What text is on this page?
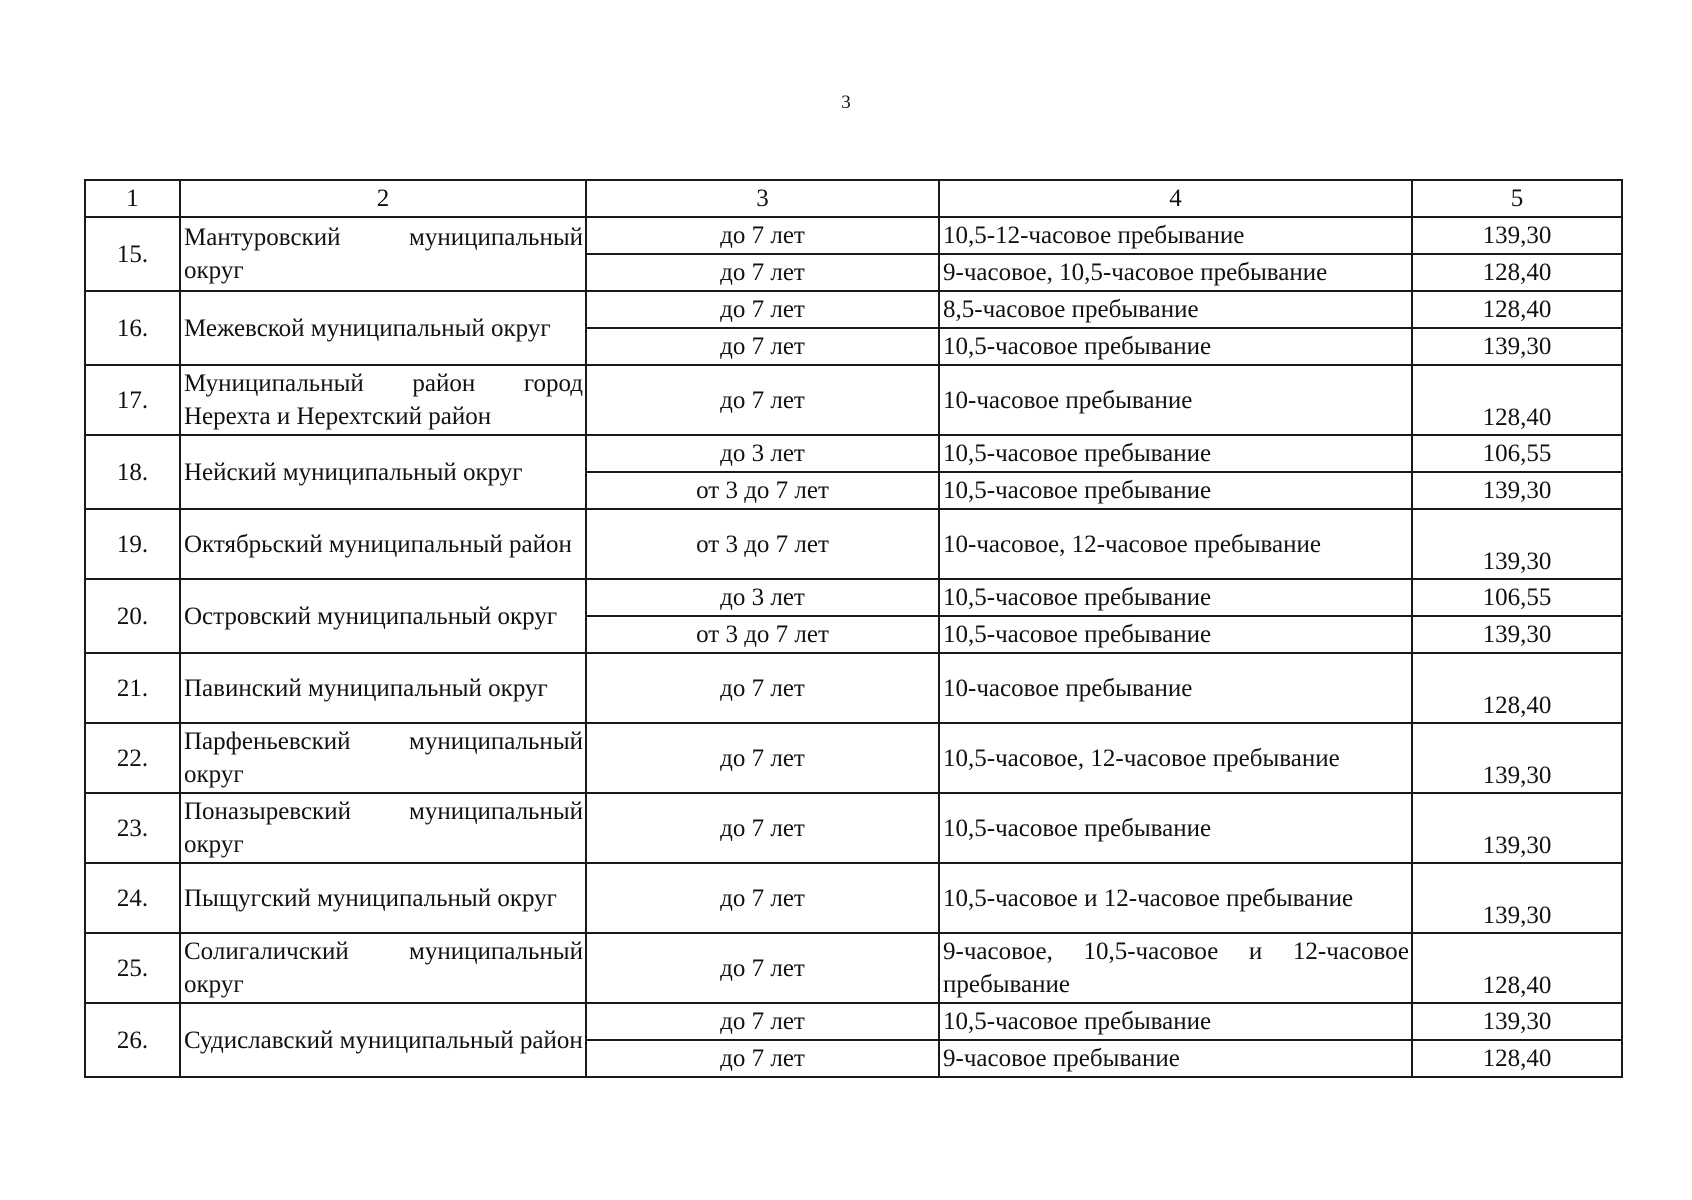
3
1	2	3	4	5
15.	Мантуровский муниципальный округ	до 7 лет	10,5-12-часовое пребывание	139,30
		до 7 лет	9-часовое, 10,5-часовое пребывание	128,40
16.	Межевской муниципальный округ	до 7 лет	8,5-часовое пребывание	128,40
		до 7 лет	10,5-часовое пребывание	139,30
17.	Муниципальный район город Нерехта и Нерехтский район	до 7 лет	10-часовое пребывание	128,40
18.	Нейский муниципальный округ	до 3 лет	10,5-часовое пребывание	106,55
		от 3 до 7 лет	10,5-часовое пребывание	139,30
19.	Октябрьский муниципальный район	от 3 до 7 лет	10-часовое, 12-часовое пребывание	139,30
20.	Островский муниципальный округ	до 3 лет	10,5-часовое пребывание	106,55
		от 3 до 7 лет	10,5-часовое пребывание	139,30
21.	Павинский муниципальный округ	до 7 лет	10-часовое пребывание	128,40
22.	Парфеньевский муниципальный округ	до 7 лет	10,5-часовое, 12-часовое пребывание	139,30
23.	Поназыревский муниципальный округ	до 7 лет	10,5-часовое пребывание	139,30
24.	Пыщугский муниципальный округ	до 7 лет	10,5-часовое и 12-часовое пребывание	139,30
25.	Солигаличский муниципальный округ	до 7 лет	9-часовое, 10,5-часовое и 12-часовое пребывание	128,40
26.	Судиславский муниципальный район	до 7 лет	10,5-часовое пребывание	139,30
		до 7 лет	9-часовое пребывание	128,40
